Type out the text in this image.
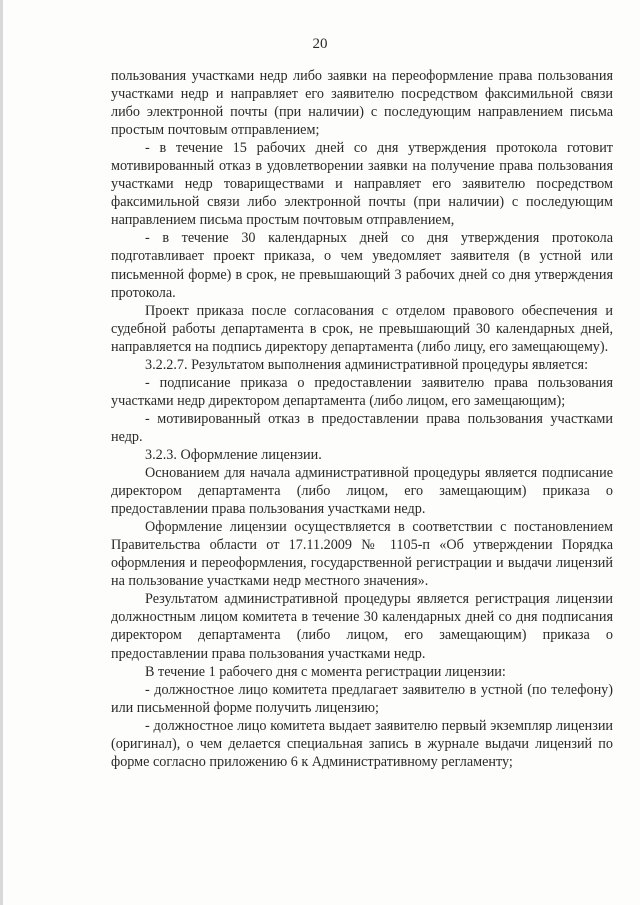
20

пользования участками недр либо заявки на переоформление права пользования участками недр и направляет его заявителю посредством факсимильной связи либо электронной почты (при наличии) с последующим направлением письма простым почтовым отправлением;

- в течение 15 рабочих дней со дня утверждения протокола готовит мотивированный отказ в удовлетворении заявки на получение права пользования участками недр товариществами и направляет его заявителю посредством факсимильной связи либо электронной почты (при наличии) с последующим направлением письма простым почтовым отправлением,

- в течение 30 календарных дней со дня утверждения протокола подготавливает проект приказа, о чем уведомляет заявителя (в устной или письменной форме) в срок, не превышающий 3 рабочих дней со дня утверждения протокола.

Проект приказа после согласования с отделом правового обеспечения и судебной работы департамента в срок, не превышающий 30 календарных дней, направляется на подпись директору департамента (либо лицу, его замещающему).

3.2.2.7. Результатом выполнения административной процедуры является:

- подписание приказа о предоставлении заявителю права пользования участками недр директором департамента (либо лицом, его замещающим);

- мотивированный отказ в предоставлении права пользования участками недр.

3.2.3. Оформление лицензии.

Основанием для начала административной процедуры является подписание директором департамента (либо лицом, его замещающим) приказа о предоставлении права пользования участками недр.

Оформление лицензии осуществляется в соответствии с постановлением Правительства области от 17.11.2009 № 1105-п «Об утверждении Порядка оформления и переоформления, государственной регистрации и выдачи лицензий на пользование участками недр местного значения».

Результатом административной процедуры является регистрация лицензии должностным лицом комитета в течение 30 календарных дней со дня подписания директором департамента (либо лицом, его замещающим) приказа о предоставлении права пользования участками недр.

В течение 1 рабочего дня с момента регистрации лицензии:

- должностное лицо комитета предлагает заявителю в устной (по телефону) или письменной форме получить лицензию;

- должностное лицо комитета выдает заявителю первый экземпляр лицензии (оригинал), о чем делается специальная запись в журнале выдачи лицензий по форме согласно приложению 6 к Административному регламенту;
